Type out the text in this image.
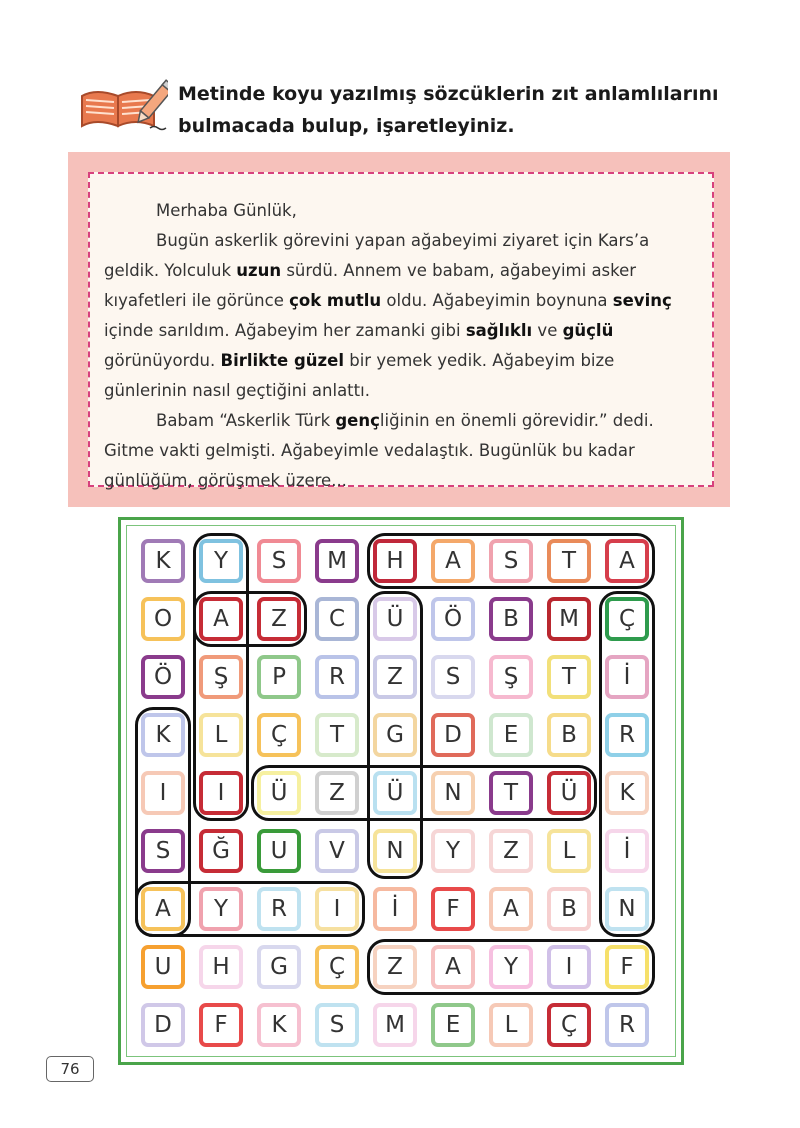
Metinde koyu yazılmış sözcüklerin zıt anlamlılarını
bulmacada bulup, işaretleyiniz.

Merhaba Günlük,

Bugün askerlik görevini yapan ağabeyimi ziyaret için Kars’a geldik. Yolculuk uzun sürdü. Annem ve babam, ağabeyimi asker kıyafetleri ile görünce çok mutlu oldu. Ağabeyimin boynuna sevinç içinde sarıldım. Ağabeyim her zamanki gibi sağlıklı ve güçlü görünüyordu. Birlikte güzel bir yemek yedik. Ağabeyim bize günlerinin nasıl geçtiğini anlattı.

Babam “Askerlik Türk gençliğinin en önemli görevidir.” dedi. Gitme vakti gelmişti. Ağabeyimle vedalaştık. Bugünlük bu kadar günlüğüm, görüşmek üzere...

K	Y	S	M	H	A	S	T	A
O	A	Z	C	Ü	Ö	B	M	Ç
Ö	Ş	P	R	Z	S	Ş	T	İ
K	L	Ç	T	G	D	E	B	R
I	I	Ü	Z	Ü	N	T	Ü	K
S	Ğ	U	V	N	Y	Z	L	İ
A	Y	R	I	İ	F	A	B	N
U	H	G	Ç	Z	A	Y	I	F
D	F	K	S	M	E	L	Ç	R
76
